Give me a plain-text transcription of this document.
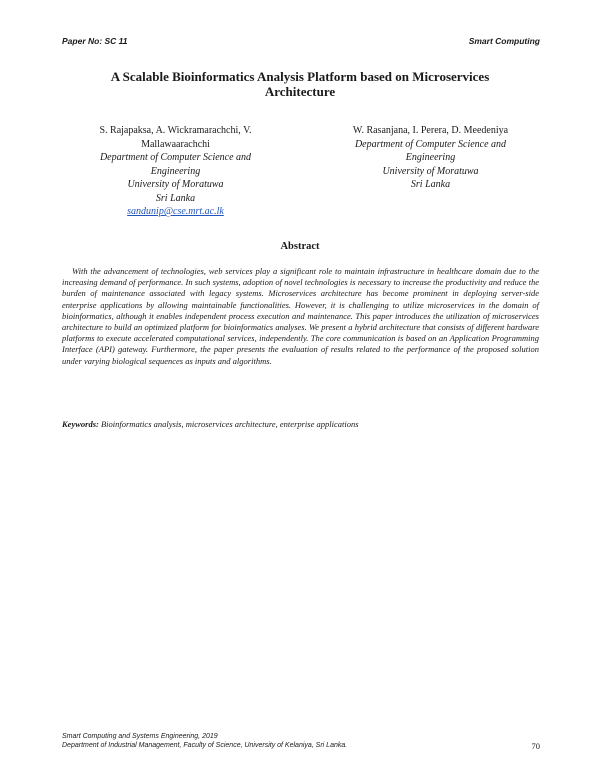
Paper No: SC 11	Smart Computing
A Scalable Bioinformatics Analysis Platform based on Microservices
Architecture
S. Rajapaksa, A. Wickramarachchi, V.
Mallawaarachchi
Department of Computer Science and
Engineering
University of Moratuwa
Sri Lanka
sandunip@cse.mrt.ac.lk
W. Rasanjana, I. Perera, D. Meedeniya
Department of Computer Science and
Engineering
University of Moratuwa
Sri Lanka
Abstract

With the advancement of technologies, web services play a significant role to maintain infrastructure in healthcare domain due to the increasing demand of performance. In such systems, adoption of novel technologies is necessary to increase the productivity and reduce the burden of maintenance associated with legacy systems. Microservices architecture has become prominent in deploying server-side enterprise applications by allowing maintainable functionalities. However, it is challenging to utilize microservices in the domain of bioinformatics, although it enables independent process execution and maintenance. This paper introduces the utilization of microservices architecture to build an optimized platform for bioinformatics analyses. We present a hybrid architecture that consists of different hardware platforms to execute accelerated computational services, independently. The core communication is based on an Application Programming Interface (API) gateway. Furthermore, the paper presents the evaluation of results related to the performance of the proposed solution under varying biological sequences as inputs and algorithms.

Keywords: Bioinformatics analysis, microservices architecture, enterprise applications

Smart Computing and Systems Engineering, 2019
Department of Industrial Management, Faculty of Science, University of Kelaniya, Sri Lanka.	70
